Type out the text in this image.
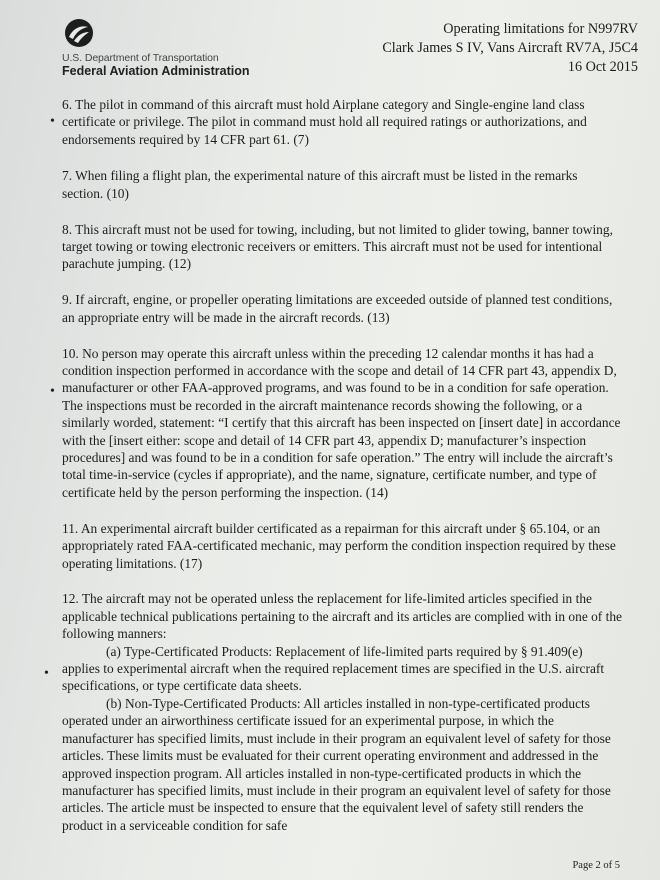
U.S. Department of Transportation
Federal Aviation Administration
Operating limitations for N997RV
Clark James S IV, Vans Aircraft RV7A, J5C4
16 Oct 2015
•
•
•

6. The pilot in command of this aircraft must hold Airplane category and Single-engine land class certificate or privilege. The pilot in command must hold all required ratings or authorizations, and endorsements required by 14 CFR part 61. (7)

7. When filing a flight plan, the experimental nature of this aircraft must be listed in the remarks section. (10)

8. This aircraft must not be used for towing, including, but not limited to glider towing, banner towing, target towing or towing electronic receivers or emitters. This aircraft must not be used for intentional parachute jumping. (12)

9. If aircraft, engine, or propeller operating limitations are exceeded outside of planned test conditions, an appropriate entry will be made in the aircraft records. (13)

10. No person may operate this aircraft unless within the preceding 12 calendar months it has had a condition inspection performed in accordance with the scope and detail of 14 CFR part 43, appendix D, manufacturer or other FAA-approved programs, and was found to be in a condition for safe operation. The inspections must be recorded in the aircraft maintenance records showing the following, or a similarly worded, statement: “I certify that this aircraft has been inspected on [insert date] in accordance with the [insert either: scope and detail of 14 CFR part 43, appendix D; manufacturer’s inspection procedures] and was found to be in a condition for safe operation.” The entry will include the aircraft’s total time-in-service (cycles if appropriate), and the name, signature, certificate number, and type of certificate held by the person performing the inspection. (14)

11. An experimental aircraft builder certificated as a repairman for this aircraft under § 65.104, or an appropriately rated FAA-certificated mechanic, may perform the condition inspection required by these operating limitations. (17)

12. The aircraft may not be operated unless the replacement for life-limited articles specified in the applicable technical publications pertaining to the aircraft and its articles are complied with in one of the following manners:

(a) Type-Certificated Products: Replacement of life-limited parts required by § 91.409(e) applies to experimental aircraft when the required replacement times are specified in the U.S. aircraft specifications, or type certificate data sheets.

(b) Non-Type-Certificated Products: All articles installed in non-type-certificated products operated under an airworthiness certificate issued for an experimental purpose, in which the manufacturer has specified limits, must include in their program an equivalent level of safety for those articles. These limits must be evaluated for their current operating environment and addressed in the approved inspection program. All articles installed in non-type-certificated products in which the manufacturer has specified limits, must include in their program an equivalent level of safety for those articles. The article must be inspected to ensure that the equivalent level of safety still renders the product in a serviceable condition for safe

Page 2 of 5
